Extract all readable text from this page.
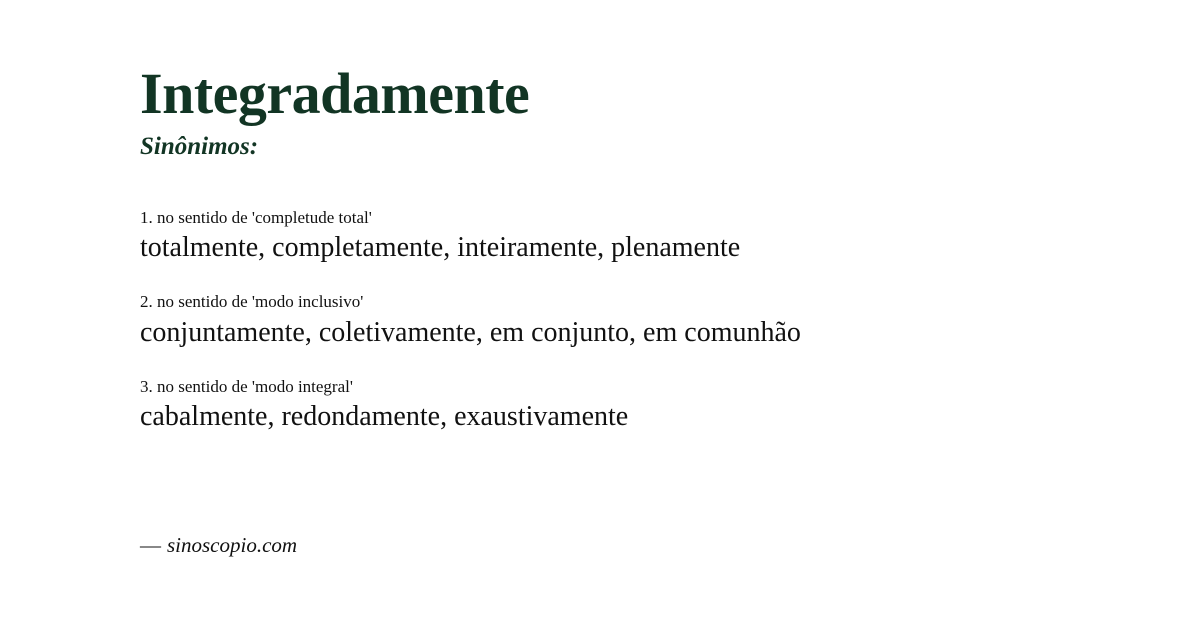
Integradamente
Sinônimos:

1. no sentido de 'completude total'

totalmente, completamente, inteiramente, plenamente

2. no sentido de 'modo inclusivo'

conjuntamente, coletivamente, em conjunto, em comunhão

3. no sentido de 'modo integral'

cabalmente, redondamente, exaustivamente

— sinoscopio.com
